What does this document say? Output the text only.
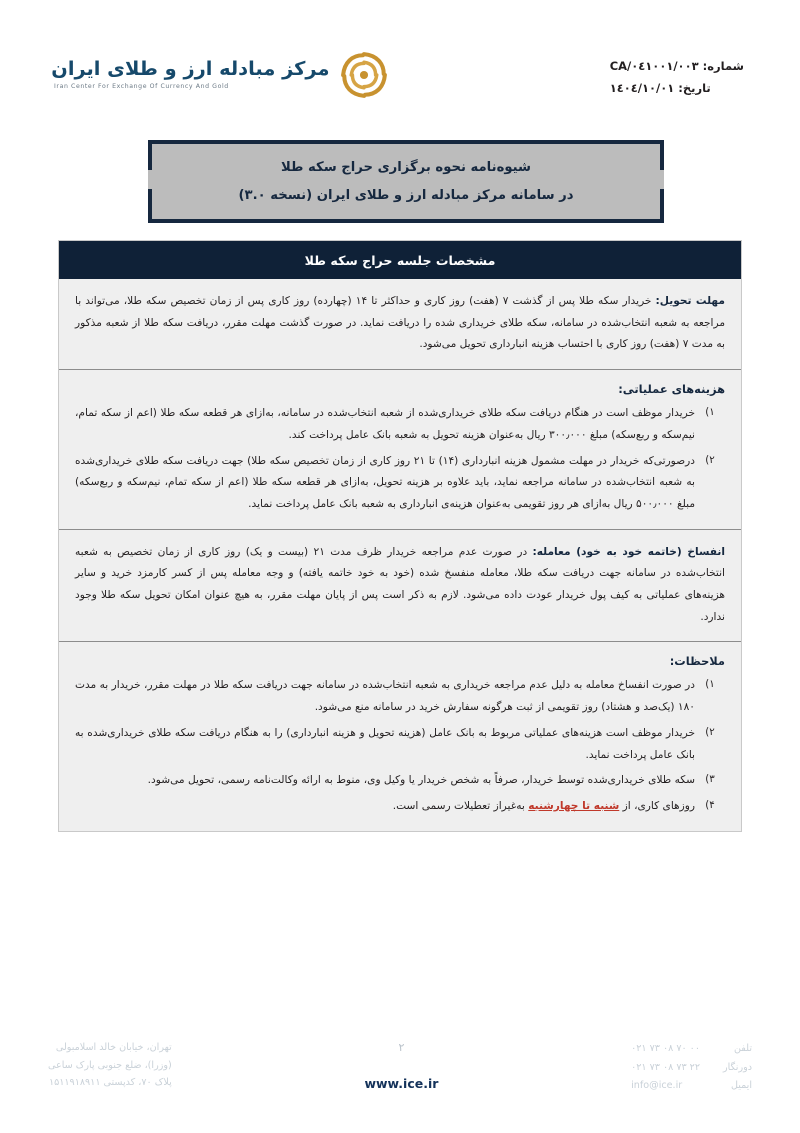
مرکز مبادله ارز و طلای ایران
Iran Center For Exchange Of Currency And Gold
شماره: CA/۰٤۱۰۰۱/۰۰۳
تاریخ: ۱٤۰٤/۱۰/۰۱
شیوه‌نامه نحوه برگزاری حراج سکه طلا
در سامانه مرکز مبادله ارز و طلای ایران (نسخه ۳.۰)
مشخصات جلسه حراج سکه طلا

مهلت تحویل: خریدار سکه طلا پس از گذشت ۷ (هفت) روز کاری و حداکثر تا ۱۴ (چهارده) روز کاری پس از زمان تخصیص سکه طلا، می‌تواند با مراجعه به شعبه انتخاب‌شده در سامانه، سکه طلای خریداری شده را دریافت نماید. در صورت گذشت مهلت مقرر، دریافت سکه طلا از شعبه مذکور به مدت ۷ (هفت) روز کاری با احتساب هزینه انبارداری تحویل می‌شود.

هزینه‌های عملیاتی:
۱)
خریدار موظف است در هنگام دریافت سکه طلای خریداری‌شده از شعبه انتخاب‌شده در سامانه، به‌ازای هر قطعه سکه طلا (اعم از سکه تمام، نیم‌سکه و ربع‌سکه) مبلغ ۳۰۰٫۰۰۰ ریال به‌عنوان هزینه تحویل به شعبه بانک عامل پرداخت کند.
۲)
درصورتی‌که خریدار در مهلت مشمول هزینه انبارداری (۱۴) تا ۲۱ روز کاری از زمان تخصیص سکه طلا) جهت دریافت سکه طلای خریداری‌شده به شعبه انتخاب‌شده در سامانه مراجعه نماید، باید علاوه بر هزینه تحویل، به‌ازای هر قطعه سکه طلا (اعم از سکه تمام، نیم‌سکه و ربع‌سکه) مبلغ ۵۰۰٫۰۰۰ ریال به‌ازای هر روز تقویمی به‌عنوان هزینه‌ی انبارداری به شعبه بانک عامل پرداخت نماید.

انفساخ (خاتمه خود به خود) معامله: در صورت عدم مراجعه خریدار ظرف مدت ۲۱ (بیست و یک) روز کاری از زمان تخصیص به شعبه انتخاب‌شده در سامانه جهت دریافت سکه طلا، معامله منفسخ شده (خود به خود خاتمه یافته) و وجه معامله پس از کسر کارمزد خرید و سایر هزینه‌های عملیاتی به کیف پول خریدار عودت داده می‌شود. لازم به ذکر است پس از پایان مهلت مقرر، به هیچ عنوان امکان تحویل سکه طلا وجود ندارد.

ملاحظات:
۱)
در صورت انفساخ معامله به دلیل عدم مراجعه خریداری به شعبه انتخاب‌شده در سامانه جهت دریافت سکه طلا در مهلت مقرر، خریدار به مدت ۱۸۰ (یک‌صد و هشتاد) روز تقویمی از ثبت هرگونه سفارش خرید در سامانه منع می‌شود.
۲)
خریدار موظف است هزینه‌های عملیاتی مربوط به بانک عامل (هزینه تحویل و هزینه انبارداری) را به هنگام دریافت سکه طلای خریداری‌شده به بانک عامل پرداخت نماید.
۳)
سکه طلای خریداری‌شده توسط خریدار، صرفاً به شخص خریدار یا وکیل وی، منوط به ارائه وکالت‌نامه رسمی، تحویل می‌شود.
۴)
روزهای کاری، از شنبه تا چهارشنبه به‌غیراز تعطیلات رسمی است.
تهران، خیابان خالد اسلامبولی
(وزرا)، ضلع جنوبی پارک ساعی
پلاک ۷۰، کدپستی ۱۵۱۱۹۱۸۹۱۱
۲
www.ice.ir
تلفن
دورنگار
ایمیل
۰۲۱ ۷۳ ۰۸ ۷۰ ۰۰
۰۲۱ ۷۳ ۰۸ ۷۳ ۲۲
info@ice.ir
